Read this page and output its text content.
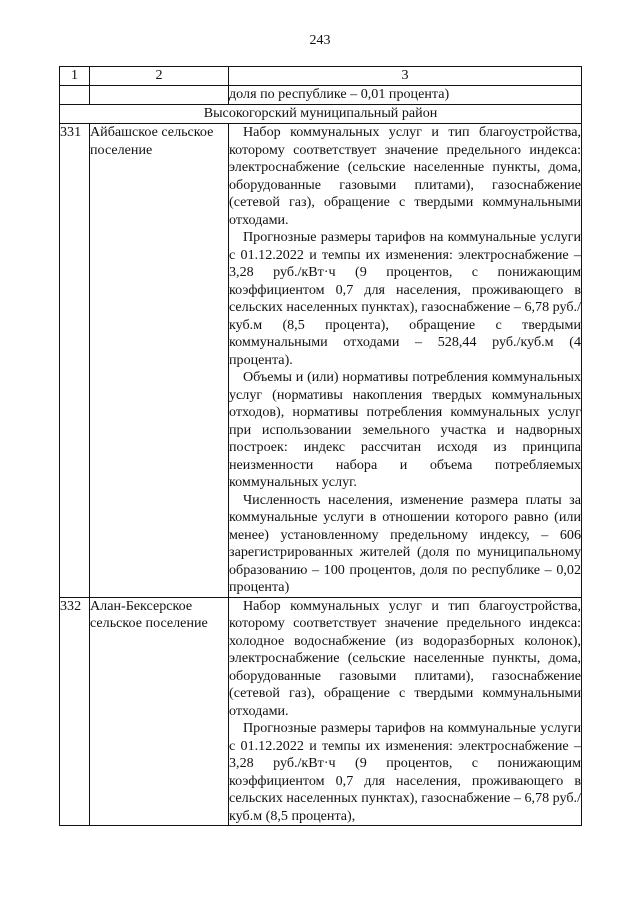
243
1	2	3
		доля по республике – 0,01 процента)
Высокогорский муниципальный район		
331	Айбашское сельское поселение	Набор коммунальных услуг и тип благоустройства, которому соответствует значение предельного индекса: электроснабжение (сельские населенные пункты, дома, оборудованные газовыми плитами), газоснабжение (сетевой газ), обращение с твердыми коммунальными отходами.

Прогнозные размеры тарифов на коммунальные услуги с 01.12.2022 и темпы их изменения: электроснабжение – 3,28 руб./кВт·ч (9 процентов, с понижающим коэффициентом 0,7 для населения, проживающего в сельских населенных пунктах), газоснабжение – 6,78 руб./куб.м (8,5 процента), обращение с твердыми коммунальными отходами – 528,44 руб./куб.м (4 процента).

Объемы и (или) нормативы потребления коммунальных услуг (нормативы накопления твердых коммунальных отходов), нормативы потребления коммунальных услуг при использовании земельного участка и надворных построек: индекс рассчитан исходя из принципа неизменности набора и объема потребляемых коммунальных услуг.

Численность населения, изменение размера платы за коммунальные услуги в отношении которого равно (или менее) установленному предельному индексу, – 606 зарегистрированных жителей (доля по муниципальному образованию – 100 процентов, доля по республике – 0,02 процента)

332	Алан-Бексерское сельское поселение	Набор коммунальных услуг и тип благоустройства, которому соответствует значение предельного индекса: холодное водоснабжение (из водоразборных колонок), электроснабжение (сельские населенные пункты, дома, оборудованные газовыми плитами), газоснабжение (сетевой газ), обращение с твердыми коммунальными отходами.

Прогнозные размеры тарифов на коммунальные услуги с 01.12.2022 и темпы их изменения: электроснабжение – 3,28 руб./кВт·ч (9 процентов, с понижающим коэффициентом 0,7 для населения, проживающего в сельских населенных пунктах), газоснабжение – 6,78 руб./куб.м (8,5 процента),
